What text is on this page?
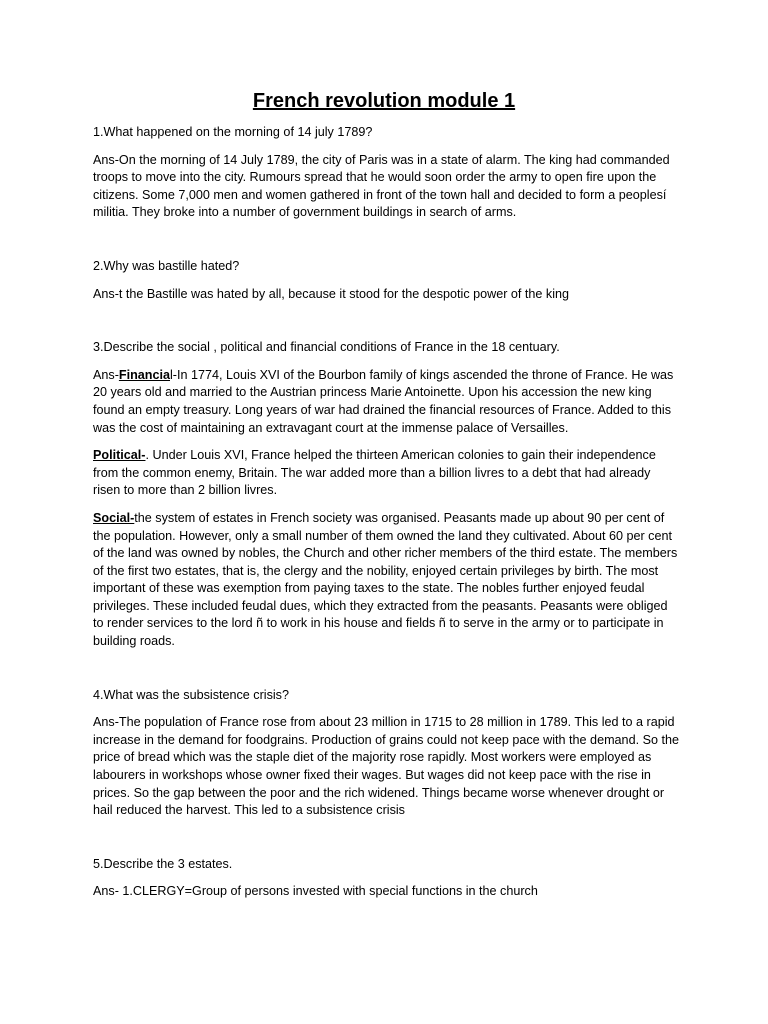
French revolution module 1

1.What happened on the morning of 14 july 1789?

Ans-On the morning of 14 July 1789, the city of Paris was in a state of alarm. The king had commanded troops to move into the city. Rumours spread that he would soon order the army to open fire upon the citizens. Some 7,000 men and women gathered in front of the town hall and decided to form a peoplesí militia. They broke into a number of government buildings in search of arms.

2.Why was bastille hated?

Ans-t the Bastille was hated by all, because it stood for the despotic power of the king

3.Describe the social , political and financial conditions of France in the 18 centuary.

Ans-Financial-In 1774, Louis XVI of the Bourbon family of kings ascended the throne of France. He was 20 years old and married to the Austrian princess Marie Antoinette. Upon his accession the new king found an empty treasury. Long years of war had drained the financial resources of France. Added to this was the cost of maintaining an extravagant court at the immense palace of Versailles.

Political-. Under Louis XVI, France helped the thirteen American colonies to gain their independence from the common enemy, Britain. The war added more than a billion livres to a debt that had already risen to more than 2 billion livres.

Social-the system of estates in French society was organised. Peasants made up about 90 per cent of the population. However, only a small number of them owned the land they cultivated. About 60 per cent of the land was owned by nobles, the Church and other richer members of the third estate. The members of the first two estates, that is, the clergy and the nobility, enjoyed certain privileges by birth. The most important of these was exemption from paying taxes to the state. The nobles further enjoyed feudal privileges. These included feudal dues, which they extracted from the peasants. Peasants were obliged to render services to the lord ñ to work in his house and fields ñ to serve in the army or to participate in building roads.

4.What was the subsistence crisis?

Ans-The population of France rose from about 23 million in 1715 to 28 million in 1789. This led to a rapid increase in the demand for foodgrains. Production of grains could not keep pace with the demand. So the price of bread which was the staple diet of the majority rose rapidly. Most workers were employed as labourers in workshops whose owner fixed their wages. But wages did not keep pace with the rise in prices. So the gap between the poor and the rich widened. Things became worse whenever drought or hail reduced the harvest. This led to a subsistence crisis

5.Describe the 3 estates.

Ans- 1.CLERGY=Group of persons invested with special functions in the church
